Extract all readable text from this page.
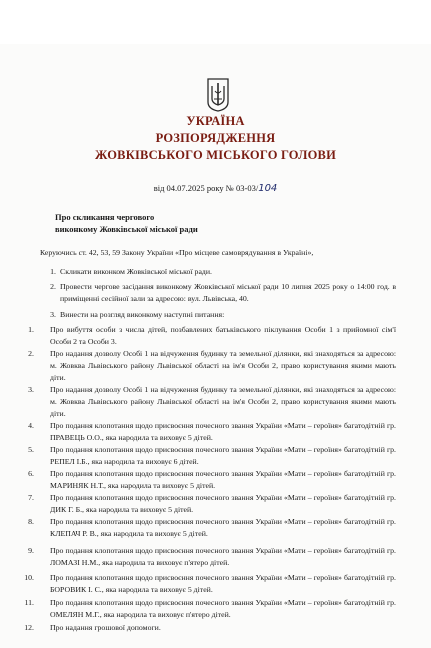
УКРАЇНА
РОЗПОРЯДЖЕННЯ
ЖОВКІВСЬКОГО МІСЬКОГО ГОЛОВИ
від 04.07.2025 року № 03-03/104
Про скликання чергового
виконкому Жовківської міської ради
Керуючись ст. 42, 53, 59 Закону України «Про місцеве самоврядування в Україні»,
1. Скликати виконком Жовківської міської ради.
2. Провести чергове засідання виконкому Жовківської міської ради 10 липня 2025 року о 14:00 год. в приміщенні сесійної зали за адресою: вул. Львівська, 40.
3. Винести на розгляд виконкому наступні питання:
1. Про вибуття особи з числа дітей, позбавлених батьківського піклування Особи 1 з прийомної сім'ї Особи 2 та Особи 3.
2. Про надання дозволу Особі 1 на відчуження будинку та земельної ділянки, які знаходяться за адресою: м. Жовква Львівського району Львівської області на ім'я Особи 2, право користування якими мають діти.
3. Про надання дозволу Особі 1 на відчуження будинку та земельної ділянки, які знаходяться за адресою: м. Жовква Львівського району Львівської області на ім'я Особи 2, право користування якими мають діти.
4. Про подання клопотання щодо присвоєння почесного звання України «Мати – героїня» багатодітній гр. ПРАВЕЦЬ О.О., яка народила та виховує 5 дітей.
5. Про подання клопотання щодо присвоєння почесного звання України «Мати – героїня» багатодітній гр. РЕПЕЛ І.Б., яка народила та виховує 6 дітей.
6. Про подання клопотання щодо присвоєння почесного звання України «Мати – героїня» багатодітній гр. МАРИНЯК Н.Т., яка народила та виховує 5 дітей.
7. Про подання клопотання щодо присвоєння почесного звання України «Мати – героїня» багатодітній гр. ДИК Г. Б., яка народила та виховує 5 дітей.
8. Про подання клопотання щодо присвоєння почесного звання України «Мати – героїня» багатодітній гр. КЛЕПАЧ Р. В., яка народила та виховує 5 дітей.
9. Про подання клопотання щодо присвоєння почесного звання України «Мати – героїня» багатодітній гр. ЛОМАЗІ Н.М., яка народила та виховує п'ятеро дітей.
10. Про подання клопотання щодо присвоєння почесного звання України «Мати – героїня» багатодітній гр. БОРОВИК І. С., яка народила та виховує 5 дітей.
11. Про подання клопотання щодо присвоєння почесного звання України «Мати – героїня» багатодітній гр. ОМЕЛЯН М.Г., яка народила та виховує п'ятеро дітей.
12. Про надання грошової допомоги.
